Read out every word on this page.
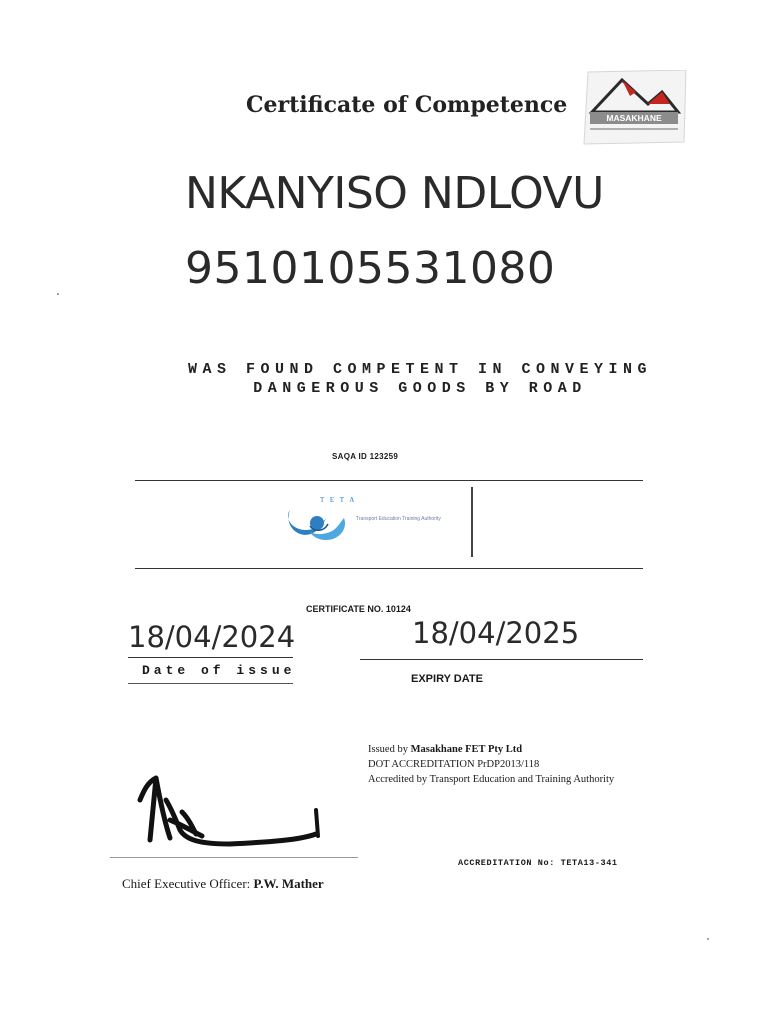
Certificate of Competence	MASAKHANE
NKANYISO NDLOVU
9510105531080
WAS FOUND COMPETENT IN CONVEYING
DANGEROUS GOODS BY ROAD
SAQA ID 123259
T E T A
Transport Education Training Authority
CERTIFICATE NO. 10124
18/04/2024
Date of issue
18/04/2025
EXPIRY DATE
Issued by Masakhane FET Pty Ltd
DOT ACCREDITATION PrDP2013/118
Accredited by Transport Education and Training Authority
ACCREDITATION No: TETA13-341
Chief Executive Officer: P.W. Mather
